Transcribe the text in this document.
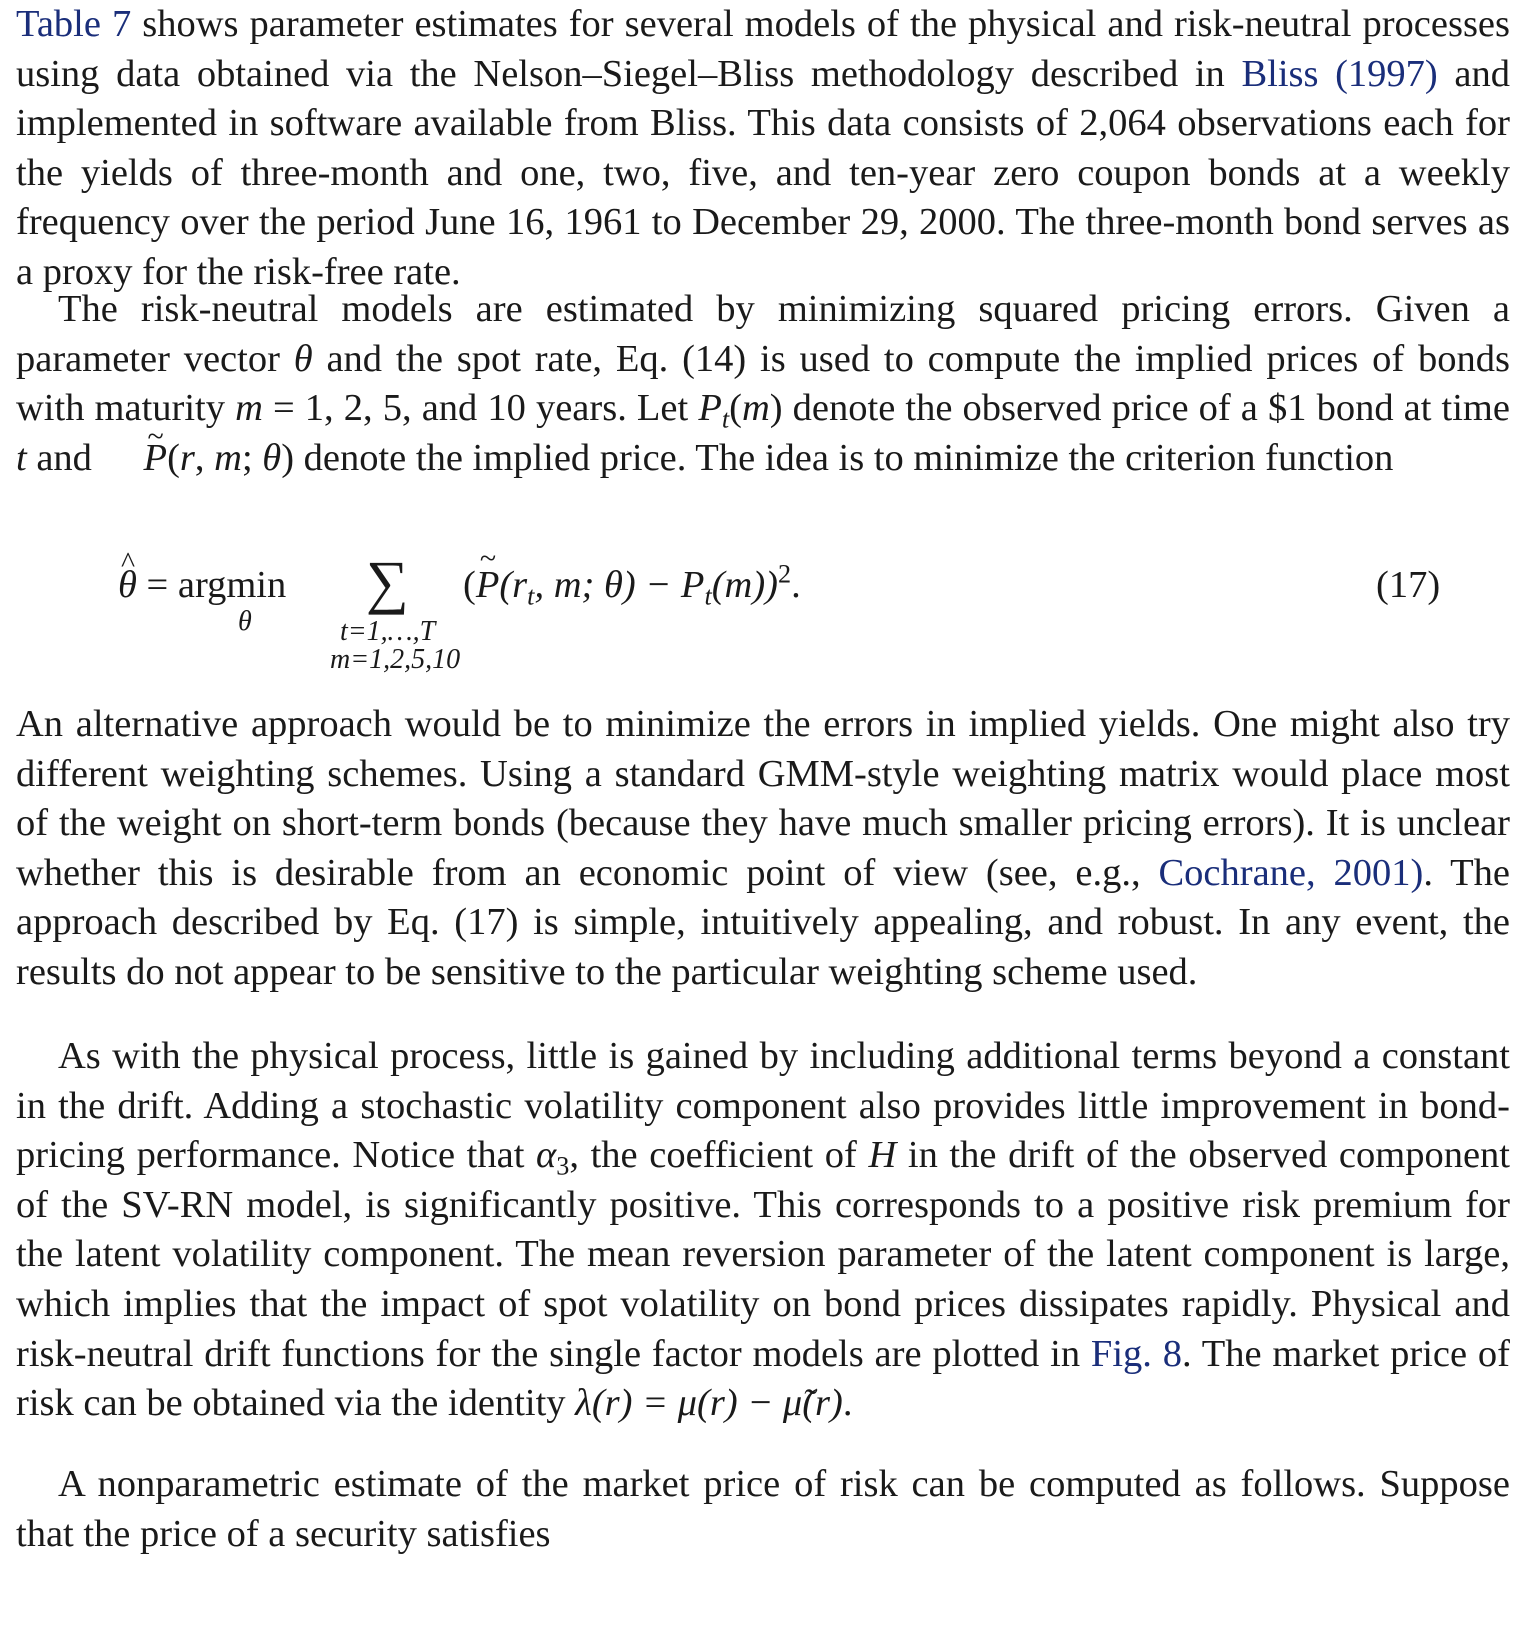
Table 7 shows parameter estimates for several models of the physical and risk-neutral processes using data obtained via the Nelson–Siegel–Bliss methodology described in Bliss (1997) and implemented in software available from Bliss. This data consists of 2,064 observations each for the yields of three-month and one, two, five, and ten-year zero coupon bonds at a weekly frequency over the period June 16, 1961 to December 29, 2000. The three-month bond serves as a proxy for the risk-free rate.

The risk-neutral models are estimated by minimizing squared pricing errors. Given a parameter vector θ and the spot rate, Eq. (14) is used to compute the implied prices of bonds with maturity m = 1, 2, 5, and 10 years. Let $P_t(m)$ denote the observed price of a $1 bond at time t and ~ P(r, m; θ) denote the implied price. The idea is to minimize the criterion function

^ θ = argmin
θ
∑
t=1,…,T
m=1,2,5,10
(~ $P(r_t$, m; $\theta) - P_t(m))^2$.	(17)

An alternative approach would be to minimize the errors in implied yields. One might also try different weighting schemes. Using a standard GMM-style weighting matrix would place most of the weight on short-term bonds (because they have much smaller pricing errors). It is unclear whether this is desirable from an economic point of view (see, e.g., Cochrane, 2001). The approach described by Eq. (17) is simple, intuitively appealing, and robust. In any event, the results do not appear to be sensitive to the particular weighting scheme used.

As with the physical process, little is gained by including additional terms beyond a constant in the drift. Adding a stochastic volatility component also provides little improvement in bond-pricing performance. Notice that $\alpha_3$, the coefficient of H in the drift of the observed component of the SV-RN model, is significantly positive. This corresponds to a positive risk premium for the latent volatility component. The mean reversion parameter of the latent component is large, which implies that the impact of spot volatility on bond prices dissipates rapidly. Physical and risk-neutral drift functions for the single factor models are plotted in Fig. 8. The market price of risk can be obtained via the identity λ(r) = μ(r) − μ̃(r).

A nonparametric estimate of the market price of risk can be computed as follows. Suppose that the price of a security satisfies
